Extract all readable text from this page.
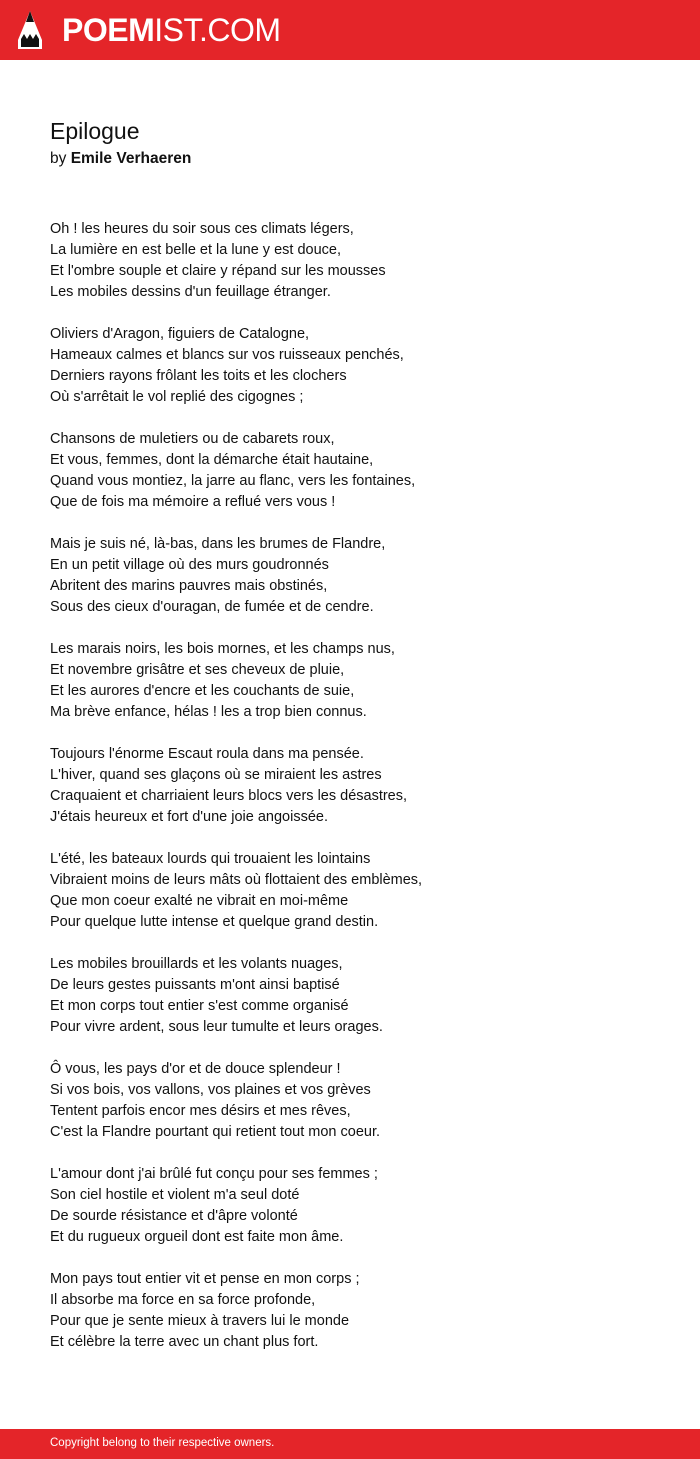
POEMIST.COM
Epilogue
by Emile Verhaeren
Oh ! les heures du soir sous ces climats légers,
La lumière en est belle et la lune y est douce,
Et l'ombre souple et claire y répand sur les mousses
Les mobiles dessins d'un feuillage étranger.
Oliviers d'Aragon, figuiers de Catalogne,
Hameaux calmes et blancs sur vos ruisseaux penchés,
Derniers rayons frôlant les toits et les clochers
Où s'arrêtait le vol replié des cigognes ;
Chansons de muletiers ou de cabarets roux,
Et vous, femmes, dont la démarche était hautaine,
Quand vous montiez, la jarre au flanc, vers les fontaines,
Que de fois ma mémoire a reflué vers vous !
Mais je suis né, là-bas, dans les brumes de Flandre,
En un petit village où des murs goudronnés
Abritent des marins pauvres mais obstinés,
Sous des cieux d'ouragan, de fumée et de cendre.
Les marais noirs, les bois mornes, et les champs nus,
Et novembre grisâtre et ses cheveux de pluie,
Et les aurores d'encre et les couchants de suie,
Ma brève enfance, hélas ! les a trop bien connus.
Toujours l'énorme Escaut roula dans ma pensée.
L'hiver, quand ses glaçons où se miraient les astres
Craquaient et charriaient leurs blocs vers les désastres,
J'étais heureux et fort d'une joie angoissée.
L'été, les bateaux lourds qui trouaient les lointains
Vibraient moins de leurs mâts où flottaient des emblèmes,
Que mon coeur exalté ne vibrait en moi-même
Pour quelque lutte intense et quelque grand destin.
Les mobiles brouillards et les volants nuages,
De leurs gestes puissants m'ont ainsi baptisé
Et mon corps tout entier s'est comme organisé
Pour vivre ardent, sous leur tumulte et leurs orages.
Ô vous, les pays d'or et de douce splendeur !
Si vos bois, vos vallons, vos plaines et vos grèves
Tentent parfois encor mes désirs et mes rêves,
C'est la Flandre pourtant qui retient tout mon coeur.
L'amour dont j'ai brûlé fut conçu pour ses femmes ;
Son ciel hostile et violent m'a seul doté
De sourde résistance et d'âpre volonté
Et du rugueux orgueil dont est faite mon âme.
Mon pays tout entier vit et pense en mon corps ;
Il absorbe ma force en sa force profonde,
Pour que je sente mieux à travers lui le monde
Et célèbre la terre avec un chant plus fort.
Copyright belong to their respective owners.
